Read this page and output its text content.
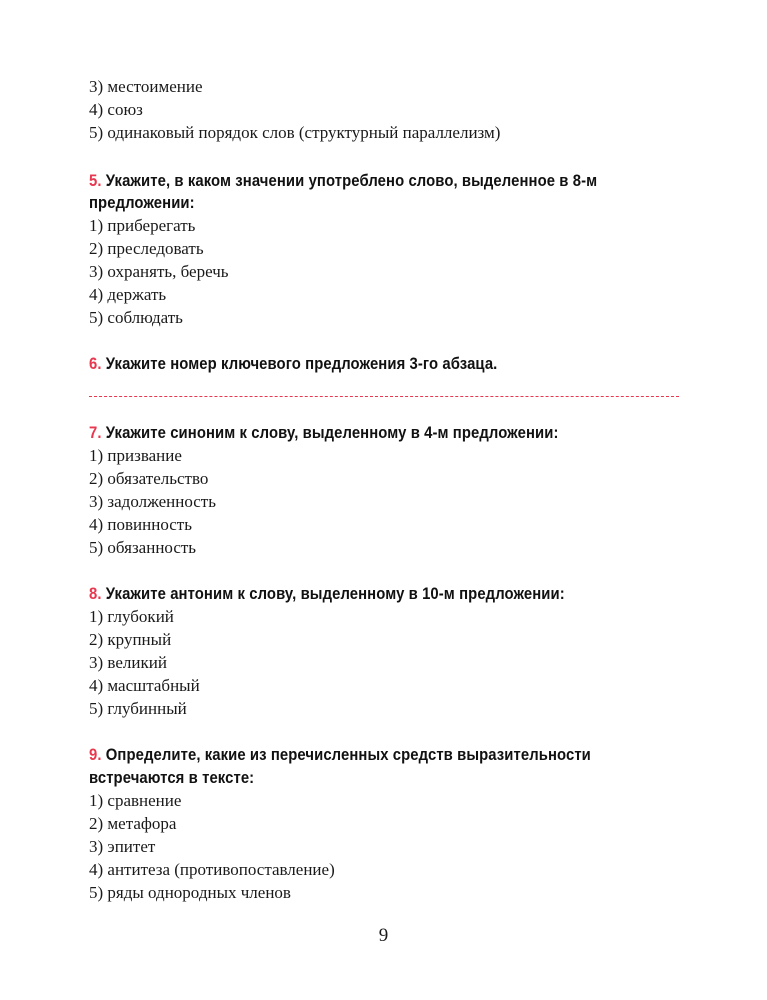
3) местоимение
4) союз
5) одинаковый порядок слов (структурный параллелизм)
5. Укажите, в каком значении употреблено слово, выделенное в 8-м
предложении:
1) приберегать
2) преследовать
3) охранять, беречь
4) держать
5) соблюдать
6. Укажите номер ключевого предложения 3-го абзаца.
7. Укажите синоним к слову, выделенному в 4-м предложении:
1) призвание
2) обязательство
3) задолженность
4) повинность
5) обязанность
8. Укажите антоним к слову, выделенному в 10-м предложении:
1) глубокий
2) крупный
3) великий
4) масштабный
5) глубинный
9. Определите, какие из перечисленных средств выразительности
встречаются в тексте:
1) сравнение
2) метафора
3) эпитет
4) антитеза (противопоставление)
5) ряды однородных членов
9
